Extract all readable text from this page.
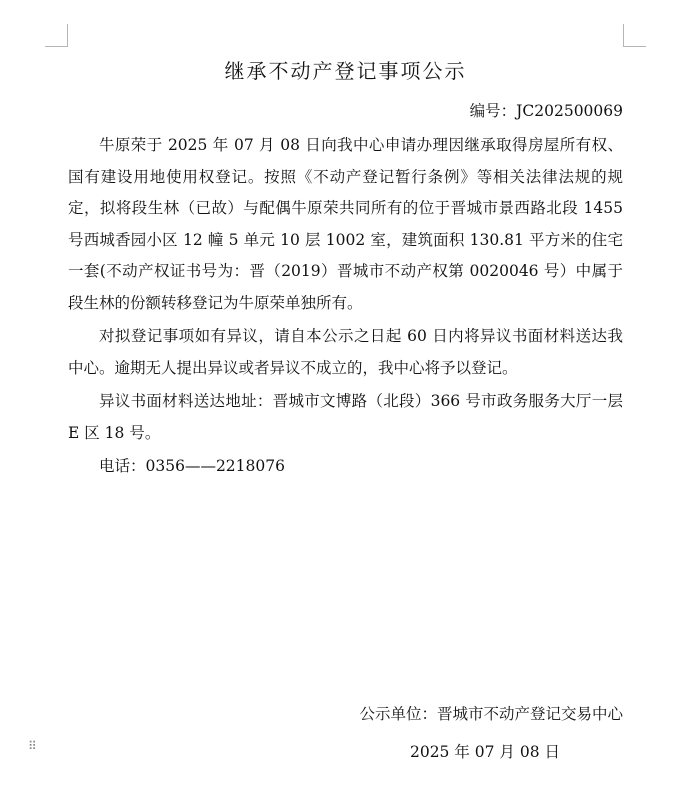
继承不动产登记事项公示
编号：JC202500069

牛原荣于 2025 年 07 月 08 日向我中心申请办理因继承取得房屋所有权、国有建设用地使用权登记。按照《不动产登记暂行条例》等相关法律法规的规定，拟将段生林（已故）与配偶牛原荣共同所有的位于晋城市景西路北段 1455 号西城香园小区 12 幢 5 单元 10 层 1002 室，建筑面积 130.81 平方米的住宅一套(不动产权证书号为：晋（2019）晋城市不动产权第 0020046 号）中属于段生林的份额转移登记为牛原荣单独所有。

对拟登记事项如有异议，请自本公示之日起 60 日内将异议书面材料送达我中心。逾期无人提出异议或者异议不成立的，我中心将予以登记。

异议书面材料送达地址：晋城市文博路（北段）366 号市政务服务大厅一层 E 区 18 号。

电话：0356——2218076

公示单位：晋城市不动产登记交易中心
2025 年 07 月 08 日
⠿
